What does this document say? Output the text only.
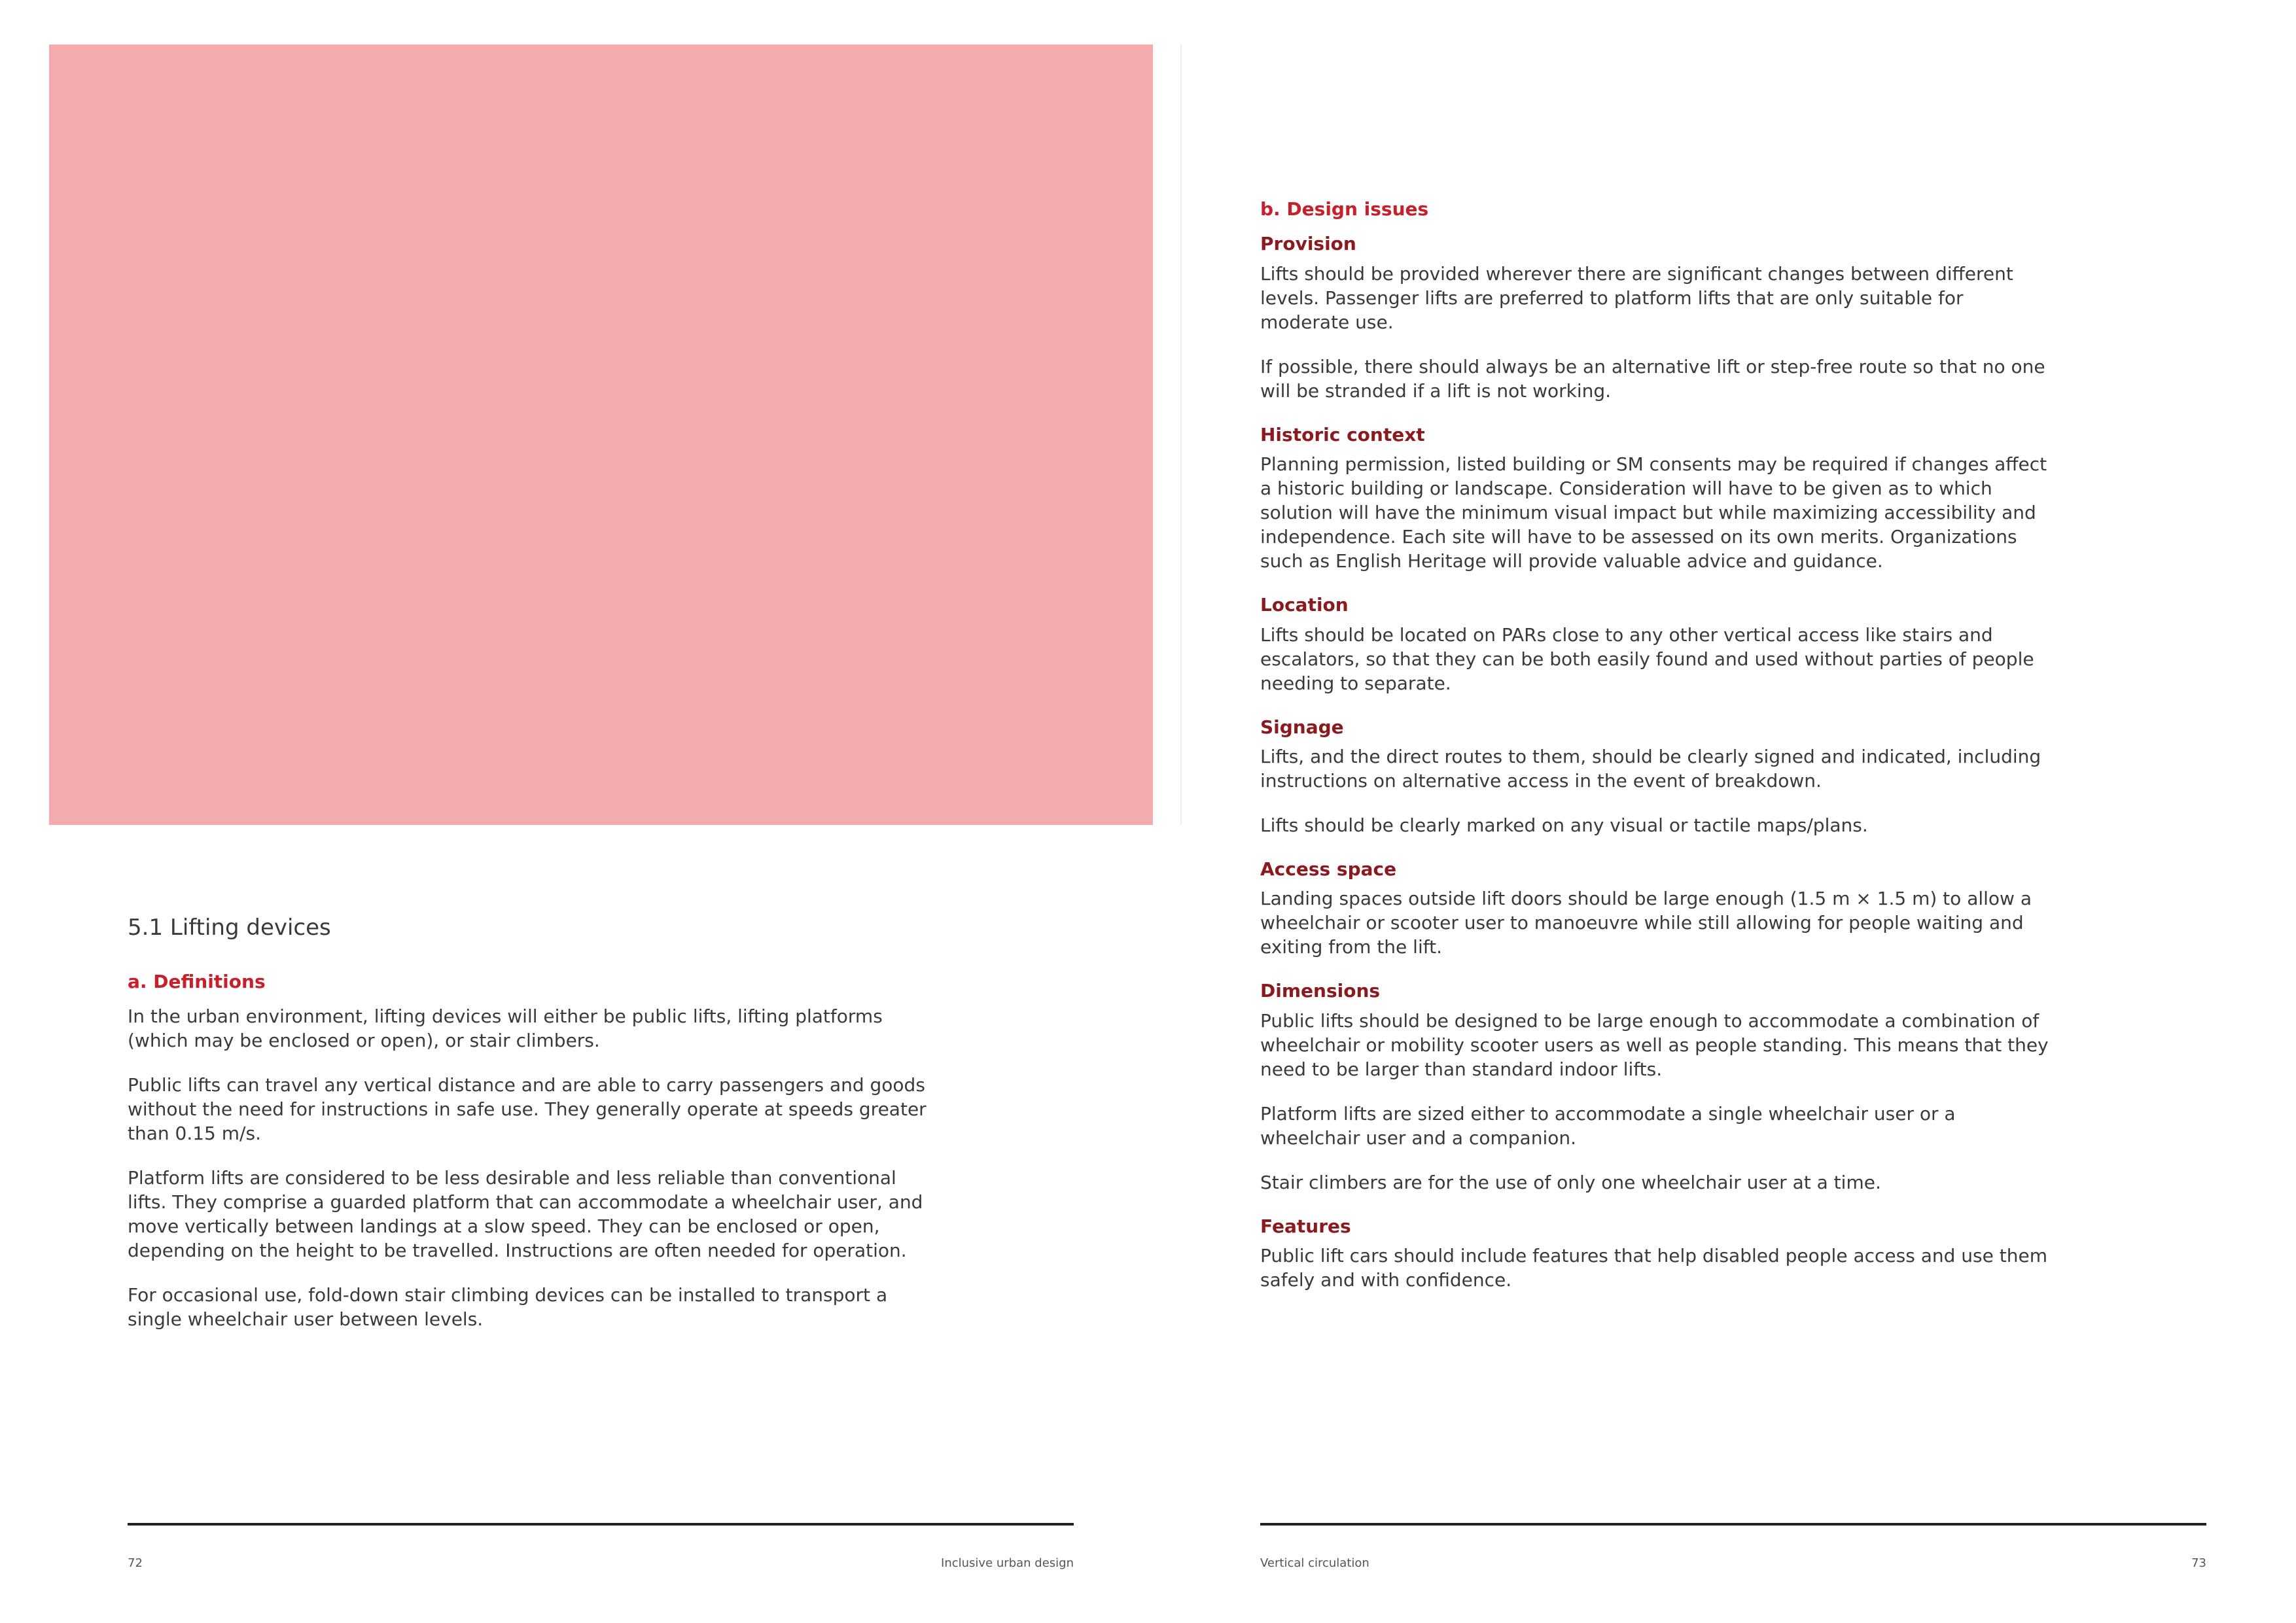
5.1 Lifting devices
a. Definitions

In the urban environment, lifting devices will either be public lifts, lifting platforms (which may be enclosed or open), or stair climbers.

Public lifts can travel any vertical distance and are able to carry passengers and goods without the need for instructions in safe use. They generally operate at speeds greater than 0.15 m/s.

Platform lifts are considered to be less desirable and less reliable than conventional lifts. They comprise a guarded platform that can accommodate a wheelchair user, and move vertically between landings at a slow speed. They can be enclosed or open, depending on the height to be travelled. Instructions are often needed for operation.

For occasional use, fold-down stair climbing devices can be installed to transport a single wheelchair user between levels.

b. Design issues
Provision

Lifts should be provided wherever there are significant changes between different levels. Passenger lifts are preferred to platform lifts that are only suitable for moderate use.

If possible, there should always be an alternative lift or step-free route so that no one will be stranded if a lift is not working.

Historic context

Planning permission, listed building or SM consents may be required if changes affect a historic building or landscape. Consideration will have to be given as to which solution will have the minimum visual impact but while maximizing accessibility and independence. Each site will have to be assessed on its own merits. Organizations such as English Heritage will provide valuable advice and guidance.

Location

Lifts should be located on PARs close to any other vertical access like stairs and escalators, so that they can be both easily found and used without parties of people needing to separate.

Signage

Lifts, and the direct routes to them, should be clearly signed and indicated, including instructions on alternative access in the event of breakdown.

Lifts should be clearly marked on any visual or tactile maps/plans.

Access space

Landing spaces outside lift doors should be large enough (1.5 m × 1.5 m) to allow a wheelchair or scooter user to manoeuvre while still allowing for people waiting and exiting from the lift.

Dimensions

Public lifts should be designed to be large enough to accommodate a combination of wheelchair or mobility scooter users as well as people standing. This means that they need to be larger than standard indoor lifts.

Platform lifts are sized either to accommodate a single wheelchair user or a wheelchair user and a companion.

Stair climbers are for the use of only one wheelchair user at a time.

Features

Public lift cars should include features that help disabled people access and use them safely and with confidence.

72	Inclusive urban design	Vertical circulation	73
